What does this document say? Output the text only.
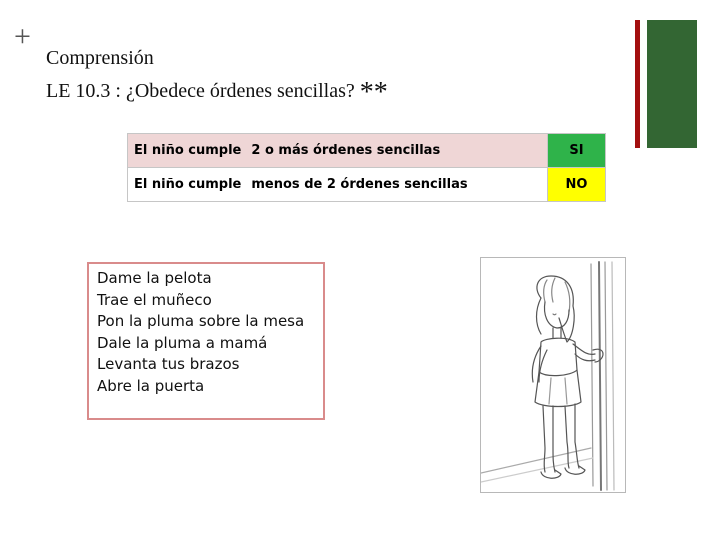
+
Comprensión
LE 10.3 : ¿Obedece órdenes sencillas? **
El niño cumple 2 o más órdenes sencillas	SI
El niño cumple menos de 2 órdenes sencillas	NO
Dame la pelota
Trae el muñeco
Pon la pluma sobre la mesa
Dale la pluma a mamá
Levanta tus brazos
Abre la puerta
